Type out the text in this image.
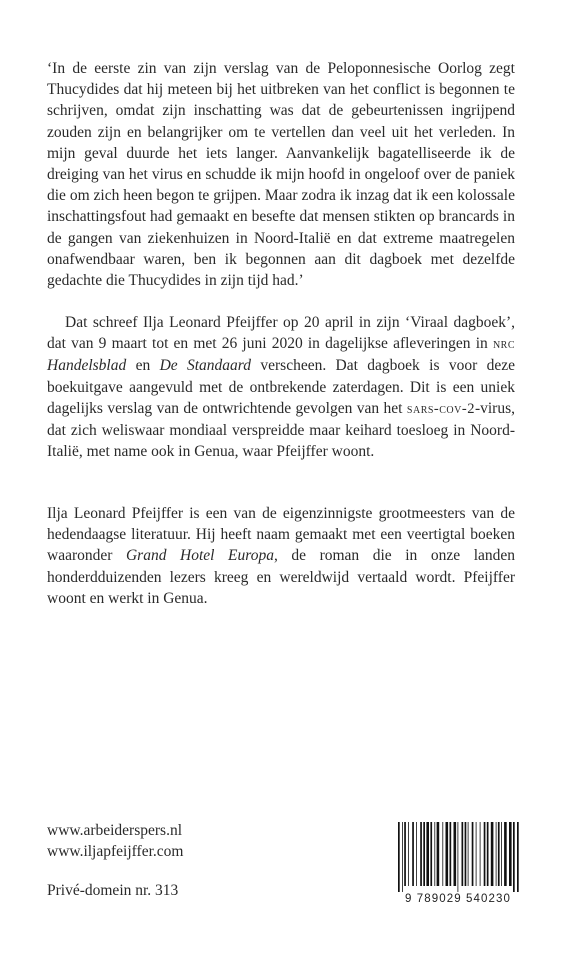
‘In de eerste zin van zijn verslag van de Peloponnesische Oorlog zegt Thucydides dat hij meteen bij het uitbreken van het conflict is begonnen te schrijven, omdat zijn inschatting was dat de gebeurtenissen ingrijpend zouden zijn en belangrijker om te vertellen dan veel uit het verleden. In mijn geval duurde het iets langer. Aanvankelijk bagatelliseerde ik de dreiging van het virus en schudde ik mijn hoofd in ongeloof over de paniek die om zich heen begon te grijpen. Maar zodra ik inzag dat ik een kolossale inschattingsfout had gemaakt en besefte dat mensen stikten op brancards in de gangen van ziekenhuizen in Noord-Italië en dat extreme maatregelen onafwendbaar waren, ben ik begonnen aan dit dagboek met dezelfde gedachte die Thucydides in zijn tijd had.’

Dat schreef Ilja Leonard Pfeijffer op 20 april in zijn ‘Viraal dagboek’, dat van 9 maart tot en met 26 juni 2020 in dagelijkse afleveringen in nrc Handelsblad en De Standaard verscheen. Dat dagboek is voor deze boekuitgave aangevuld met de ontbrekende zaterdagen. Dit is een uniek dagelijks verslag van de ontwrichtende gevolgen van het sars-cov-2-virus, dat zich weliswaar mondiaal verspreidde maar keihard toesloeg in Noord-Italië, met name ook in Genua, waar Pfeijffer woont.

Ilja Leonard Pfeijffer is een van de eigenzinnigste grootmeesters van de hedendaagse literatuur. Hij heeft naam gemaakt met een veertigtal boeken waaronder Grand Hotel Europa, de roman die in onze landen honderdduizenden lezers kreeg en wereldwijd vertaald wordt. Pfeijffer woont en werkt in Genua.

www.arbeiderspers.nl
www.iljapfeijffer.com
Privé-domein nr. 313	9 789029 540230
